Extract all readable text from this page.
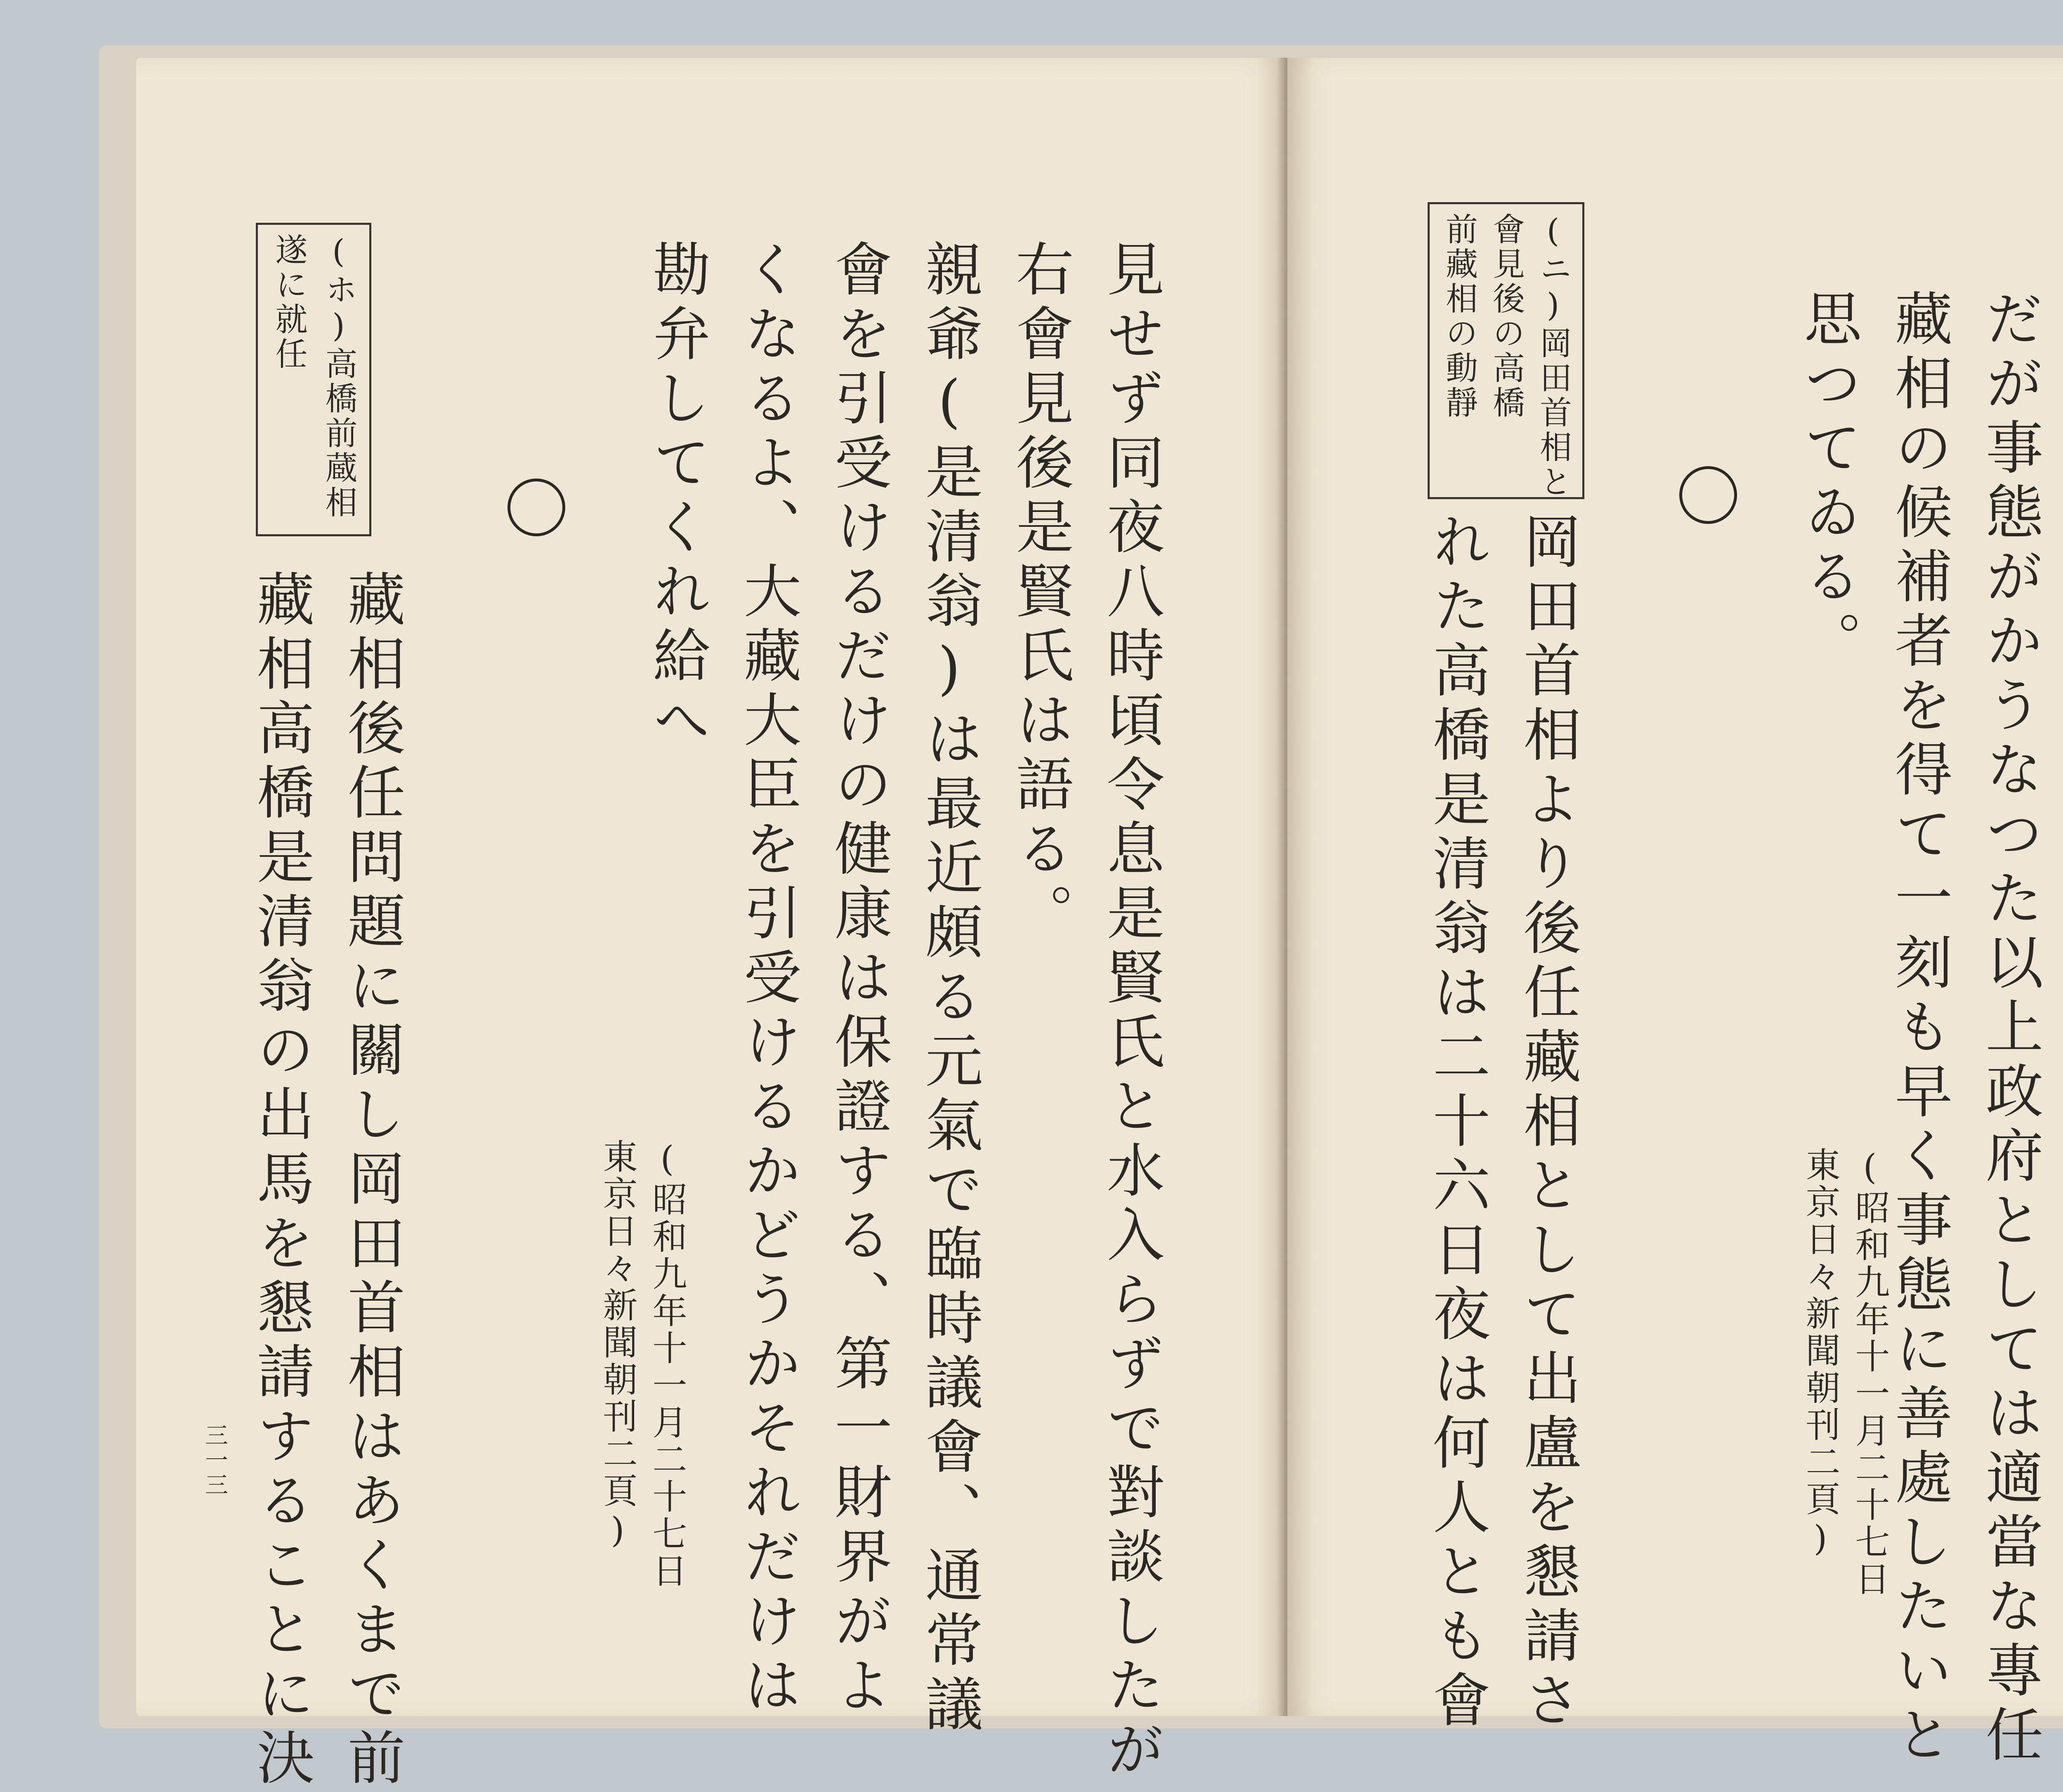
(ホ)高橋前蔵相
遂に就任	見せず同夜八時頃令息是賢氏と水入らずで對談したが
右會見後是賢氏は語る。
親爺(是清翁)は最近頗る元氣で臨時議會、通常議
會を引受けるだけの健康は保證する、第一財界がよ
くなるよ、大藏大臣を引受けるかどうかそれだけは
勘弁してくれ給へ
(昭和九年十一月二十七日
東京日々新聞朝刊二頁)
藏相後任問題に關し岡田首相はあくまで前
藏相高橋是清翁の出馬を懇請することに決
三一三	だが事態がかうなつた以上政府としては適當な專任
藏相の候補者を得て一刻も早く事態に善處したいと
思つてゐる。
(昭和九年十一月二十七日
東京日々新聞朝刊二頁)
(ニ)岡田首相と
會見後の高橋
前藏相の動靜
岡田首相より後任藏相として出盧を懇請さ
れた高橋是清翁は二十六日夜は何人とも會
